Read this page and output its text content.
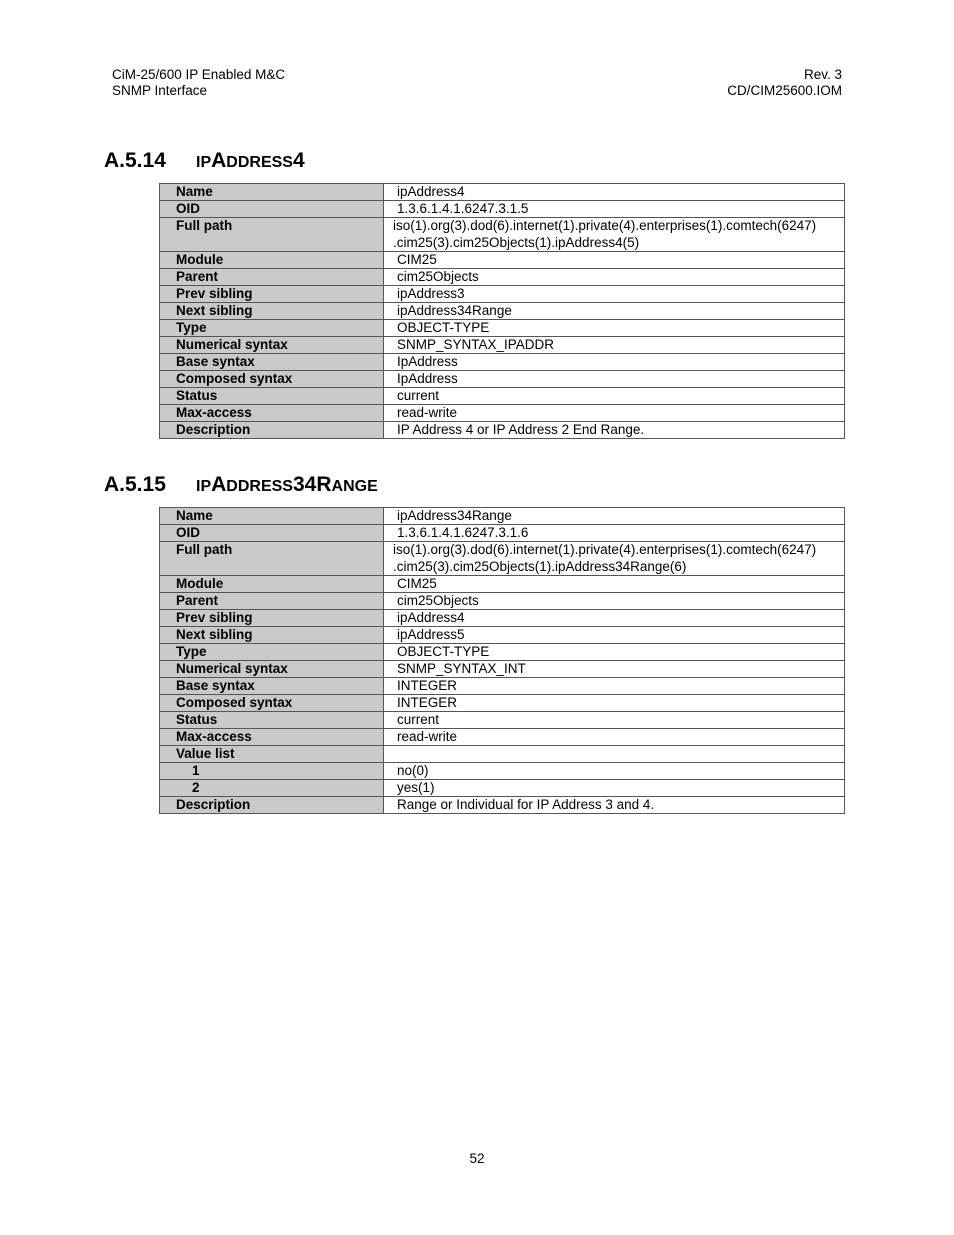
CiM-25/600 IP Enabled M&C
SNMP Interface
Rev. 3
CD/CIM25600.IOM
A.5.14 IPADDRESS4
Name	ipAddress4
OID	1.3.6.1.4.1.6247.3.1.5
Full path	iso(1).org(3).dod(6).internet(1).private(4).enterprises(1).comtech(6247)
.cim25(3).cim25Objects(1).ipAddress4(5)

Module	CIM25
Parent	cim25Objects
Prev sibling	ipAddress3
Next sibling	ipAddress34Range
Type	OBJECT-TYPE
Numerical syntax	SNMP_SYNTAX_IPADDR
Base syntax	IpAddress
Composed syntax	IpAddress
Status	current
Max-access	read-write
Description	IP Address 4 or IP Address 2 End Range.
A.5.15 IPADDRESS34RANGE
Name	ipAddress34Range
OID	1.3.6.1.4.1.6247.3.1.6
Full path	iso(1).org(3).dod(6).internet(1).private(4).enterprises(1).comtech(6247)
.cim25(3).cim25Objects(1).ipAddress34Range(6)

Module	CIM25
Parent	cim25Objects
Prev sibling	ipAddress4
Next sibling	ipAddress5
Type	OBJECT-TYPE
Numerical syntax	SNMP_SYNTAX_INT
Base syntax	INTEGER
Composed syntax	INTEGER
Status	current
Max-access	read-write
Value list	
1	no(0)
2	yes(1)
Description	Range or Individual for IP Address 3 and 4.
52
